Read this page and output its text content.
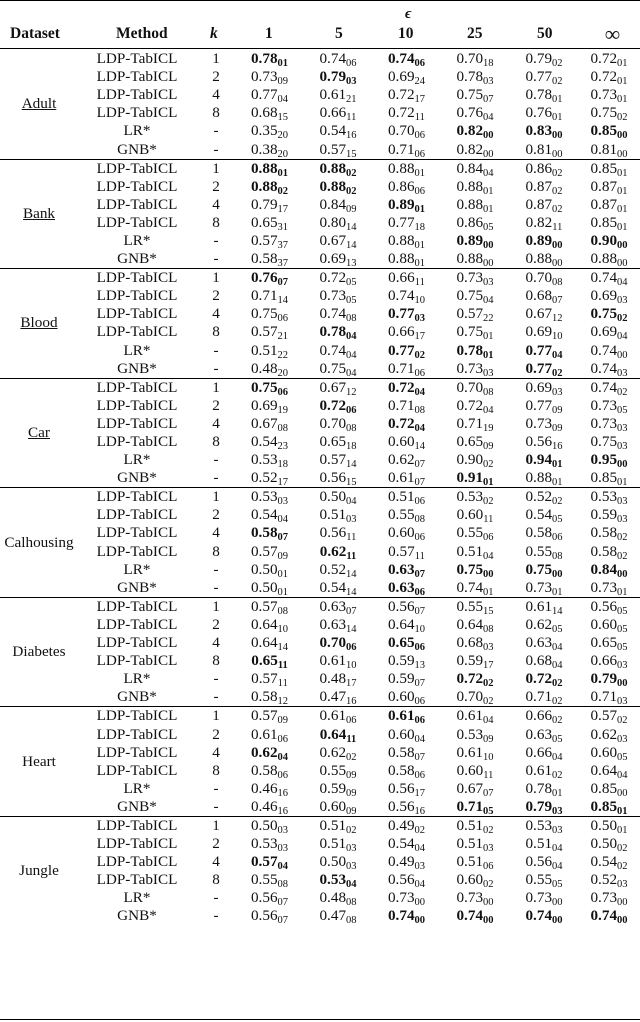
ϵ
Dataset	Method	k	1	5	10	25	50	∞
Adult	LDP-TabICL	1	$0.78_{01}$	$0.74_{06}$	$0.74_{06}$	$0.70_{18}$	$0.79_{02}$	$0.72_{01}$
	LDP-TabICL	2	$0.73_{09}$	$0.79_{03}$	$0.69_{24}$	$0.78_{03}$	$0.77_{02}$	$0.72_{01}$
	LDP-TabICL	4	$0.77_{04}$	$0.61_{21}$	$0.72_{17}$	$0.75_{07}$	$0.78_{01}$	$0.73_{01}$
	LDP-TabICL	8	$0.68_{15}$	$0.66_{11}$	$0.72_{11}$	$0.76_{04}$	$0.76_{01}$	$0.75_{02}$
	LR*	-	$0.35_{20}$	$0.54_{16}$	$0.70_{06}$	$0.82_{00}$	$0.83_{00}$	$0.85_{00}$
	GNB*	-	$0.38_{20}$	$0.57_{15}$	$0.71_{06}$	$0.82_{00}$	$0.81_{00}$	$0.81_{00}$
Bank	LDP-TabICL	1	$0.88_{01}$	$0.88_{02}$	$0.88_{01}$	$0.84_{04}$	$0.86_{02}$	$0.85_{01}$
	LDP-TabICL	2	$0.88_{02}$	$0.88_{02}$	$0.86_{06}$	$0.88_{01}$	$0.87_{02}$	$0.87_{01}$
	LDP-TabICL	4	$0.79_{17}$	$0.84_{09}$	$0.89_{01}$	$0.88_{01}$	$0.87_{02}$	$0.87_{01}$
	LDP-TabICL	8	$0.65_{31}$	$0.80_{14}$	$0.77_{18}$	$0.86_{05}$	$0.82_{11}$	$0.85_{01}$
	LR*	-	$0.57_{37}$	$0.67_{14}$	$0.88_{01}$	$0.89_{00}$	$0.89_{00}$	$0.90_{00}$
	GNB*	-	$0.58_{37}$	$0.69_{13}$	$0.88_{01}$	$0.88_{00}$	$0.88_{00}$	$0.88_{00}$
Blood	LDP-TabICL	1	$0.76_{07}$	$0.72_{05}$	$0.66_{11}$	$0.73_{03}$	$0.70_{08}$	$0.74_{04}$
	LDP-TabICL	2	$0.71_{14}$	$0.73_{05}$	$0.74_{10}$	$0.75_{04}$	$0.68_{07}$	$0.69_{03}$
	LDP-TabICL	4	$0.75_{06}$	$0.74_{08}$	$0.77_{03}$	$0.57_{22}$	$0.67_{12}$	$0.75_{02}$
	LDP-TabICL	8	$0.57_{21}$	$0.78_{04}$	$0.66_{17}$	$0.75_{01}$	$0.69_{10}$	$0.69_{04}$
	LR*	-	$0.51_{22}$	$0.74_{04}$	$0.77_{02}$	$0.78_{01}$	$0.77_{04}$	$0.74_{00}$
	GNB*	-	$0.48_{20}$	$0.75_{04}$	$0.71_{06}$	$0.73_{03}$	$0.77_{02}$	$0.74_{03}$
Car	LDP-TabICL	1	$0.75_{06}$	$0.67_{12}$	$0.72_{04}$	$0.70_{08}$	$0.69_{03}$	$0.74_{02}$
	LDP-TabICL	2	$0.69_{19}$	$0.72_{06}$	$0.71_{08}$	$0.72_{04}$	$0.77_{09}$	$0.73_{05}$
	LDP-TabICL	4	$0.67_{08}$	$0.70_{08}$	$0.72_{04}$	$0.71_{19}$	$0.73_{09}$	$0.73_{03}$
	LDP-TabICL	8	$0.54_{23}$	$0.65_{18}$	$0.60_{14}$	$0.65_{09}$	$0.56_{16}$	$0.75_{03}$
	LR*	-	$0.53_{18}$	$0.57_{14}$	$0.62_{07}$	$0.90_{02}$	$0.94_{01}$	$0.95_{00}$
	GNB*	-	$0.52_{17}$	$0.56_{15}$	$0.61_{07}$	$0.91_{01}$	$0.88_{01}$	$0.85_{01}$
Calhousing	LDP-TabICL	1	$0.53_{03}$	$0.50_{04}$	$0.51_{06}$	$0.53_{02}$	$0.52_{02}$	$0.53_{03}$
	LDP-TabICL	2	$0.54_{04}$	$0.51_{03}$	$0.55_{08}$	$0.60_{11}$	$0.54_{05}$	$0.59_{03}$
	LDP-TabICL	4	$0.58_{07}$	$0.56_{11}$	$0.60_{06}$	$0.55_{06}$	$0.58_{06}$	$0.58_{02}$
	LDP-TabICL	8	$0.57_{09}$	$0.62_{11}$	$0.57_{11}$	$0.51_{04}$	$0.55_{08}$	$0.58_{02}$
	LR*	-	$0.50_{01}$	$0.52_{14}$	$0.63_{07}$	$0.75_{00}$	$0.75_{00}$	$0.84_{00}$
	GNB*	-	$0.50_{01}$	$0.54_{14}$	$0.63_{06}$	$0.74_{01}$	$0.73_{01}$	$0.73_{01}$
Diabetes	LDP-TabICL	1	$0.57_{08}$	$0.63_{07}$	$0.56_{07}$	$0.55_{15}$	$0.61_{14}$	$0.56_{05}$
	LDP-TabICL	2	$0.64_{10}$	$0.63_{14}$	$0.64_{10}$	$0.64_{08}$	$0.62_{05}$	$0.60_{05}$
	LDP-TabICL	4	$0.64_{14}$	$0.70_{06}$	$0.65_{06}$	$0.68_{03}$	$0.63_{04}$	$0.65_{05}$
	LDP-TabICL	8	$0.65_{11}$	$0.61_{10}$	$0.59_{13}$	$0.59_{17}$	$0.68_{04}$	$0.66_{03}$
	LR*	-	$0.57_{11}$	$0.48_{17}$	$0.59_{07}$	$0.72_{02}$	$0.72_{02}$	$0.79_{00}$
	GNB*	-	$0.58_{12}$	$0.47_{16}$	$0.60_{06}$	$0.70_{02}$	$0.71_{02}$	$0.71_{03}$
Heart	LDP-TabICL	1	$0.57_{09}$	$0.61_{06}$	$0.61_{06}$	$0.61_{04}$	$0.66_{02}$	$0.57_{02}$
	LDP-TabICL	2	$0.61_{06}$	$0.64_{11}$	$0.60_{04}$	$0.53_{09}$	$0.63_{05}$	$0.62_{03}$
	LDP-TabICL	4	$0.62_{04}$	$0.62_{02}$	$0.58_{07}$	$0.61_{10}$	$0.66_{04}$	$0.60_{05}$
	LDP-TabICL	8	$0.58_{06}$	$0.55_{09}$	$0.58_{06}$	$0.60_{11}$	$0.61_{02}$	$0.64_{04}$
	LR*	-	$0.46_{16}$	$0.59_{09}$	$0.56_{17}$	$0.67_{07}$	$0.78_{01}$	$0.85_{00}$
	GNB*	-	$0.46_{16}$	$0.60_{09}$	$0.56_{16}$	$0.71_{05}$	$0.79_{03}$	$0.85_{01}$
Jungle	LDP-TabICL	1	$0.50_{03}$	$0.51_{02}$	$0.49_{02}$	$0.51_{02}$	$0.53_{03}$	$0.50_{01}$
	LDP-TabICL	2	$0.53_{03}$	$0.51_{03}$	$0.54_{04}$	$0.51_{03}$	$0.51_{04}$	$0.50_{02}$
	LDP-TabICL	4	$0.57_{04}$	$0.50_{03}$	$0.49_{03}$	$0.51_{06}$	$0.56_{04}$	$0.54_{02}$
	LDP-TabICL	8	$0.55_{08}$	$0.53_{04}$	$0.56_{04}$	$0.60_{02}$	$0.55_{05}$	$0.52_{03}$
	LR*	-	$0.56_{07}$	$0.48_{08}$	$0.73_{00}$	$0.73_{00}$	$0.73_{00}$	$0.73_{00}$
	GNB*	-	$0.56_{07}$	$0.47_{08}$	$0.74_{00}$	$0.74_{00}$	$0.74_{00}$	$0.74_{00}$
